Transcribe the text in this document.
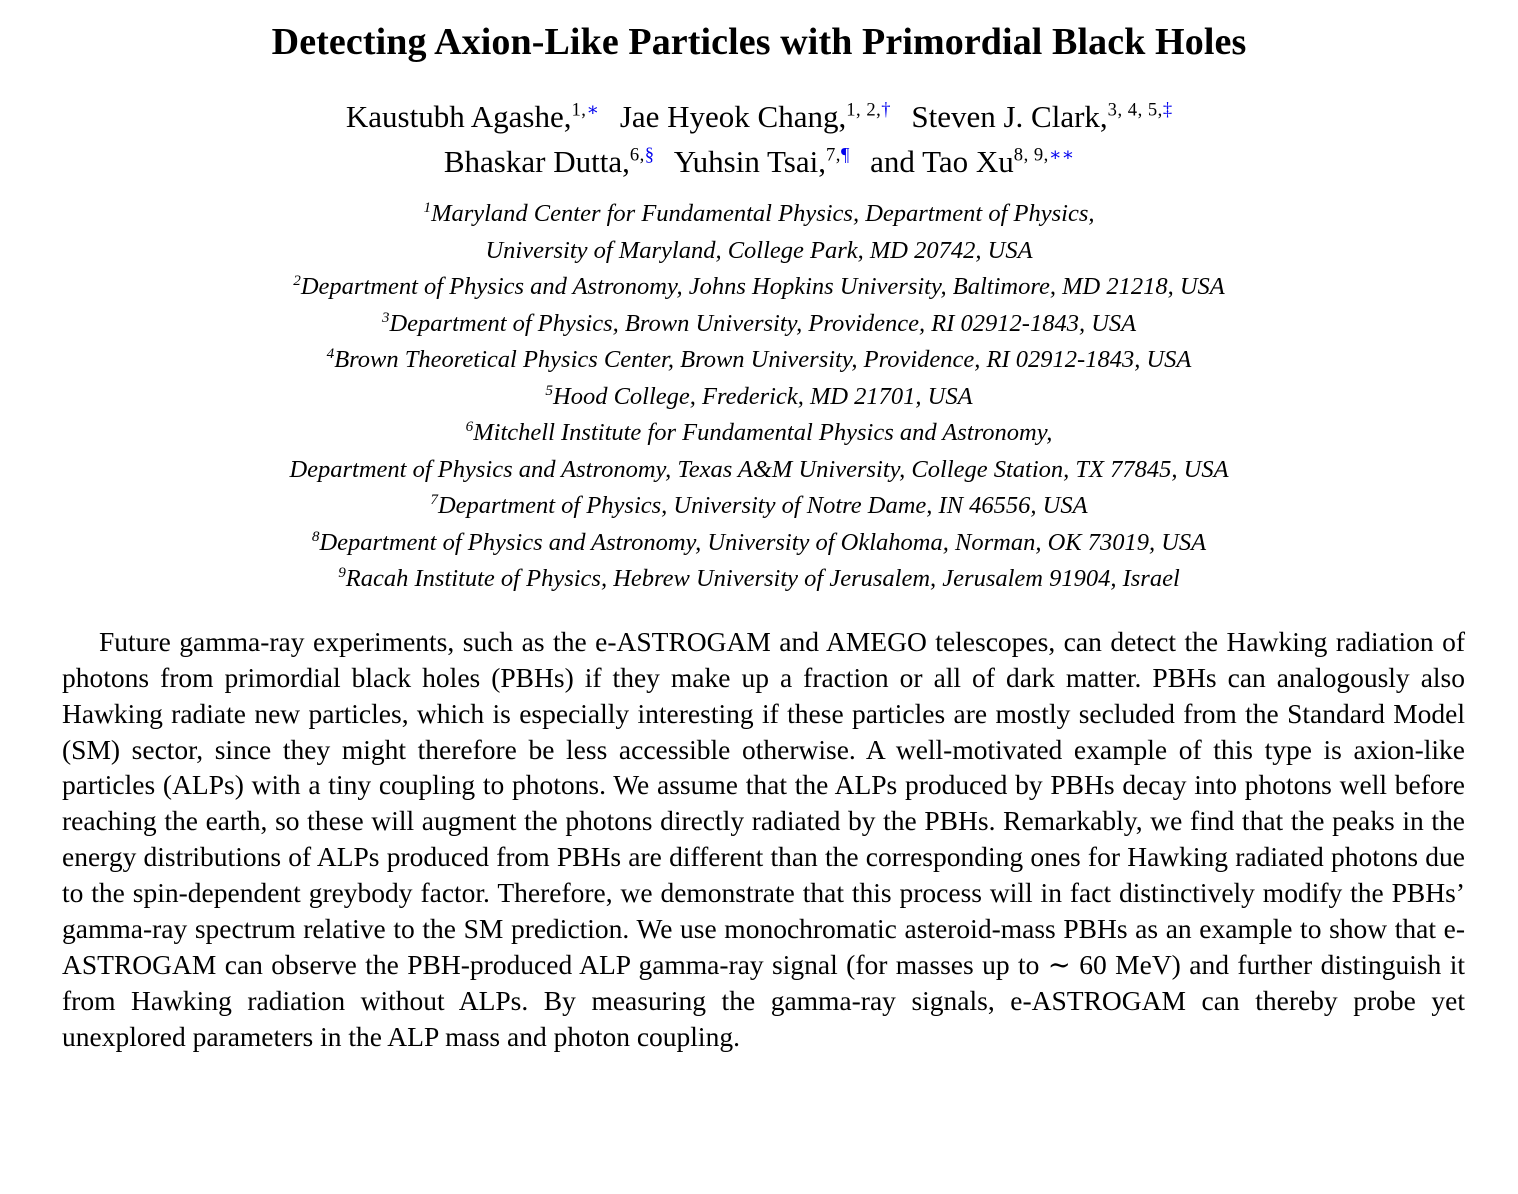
Detecting Axion-Like Particles with Primordial Black Holes
Kaustubh Agashe,$^{1,∗}$ Jae Hyeok Chang,$^{1, 2,\dagger}$ Steven J. Clark,$^{3, 4, 5,\ddagger}$
Bhaskar Dutta,$^{6,\S}$ Yuhsin Tsai,$^{7,\P}$ and Tao Xu$^{8, 9,∗∗}$
$^1$Maryland Center for Fundamental Physics, Department of Physics,
University of Maryland, College Park, MD 20742, USA
$^2$Department of Physics and Astronomy, Johns Hopkins University, Baltimore, MD 21218, USA
$^3$Department of Physics, Brown University, Providence, RI 02912-1843, USA
$^4$Brown Theoretical Physics Center, Brown University, Providence, RI 02912-1843, USA
$^5$Hood College, Frederick, MD 21701, USA
$^6$Mitchell Institute for Fundamental Physics and Astronomy,
Department of Physics and Astronomy, Texas A&M University, College Station, TX 77845, USA
$^7$Department of Physics, University of Notre Dame, IN 46556, USA
$^8$Department of Physics and Astronomy, University of Oklahoma, Norman, OK 73019, USA
$^9$Racah Institute of Physics, Hebrew University of Jerusalem, Jerusalem 91904, Israel

Future gamma-ray experiments, such as the e-ASTROGAM and AMEGO telescopes, can detect the Hawking radiation of photons from primordial black holes (PBHs) if they make up a fraction or all of dark matter. PBHs can analogously also Hawking radiate new particles, which is especially interesting if these particles are mostly secluded from the Standard Model (SM) sector, since they might therefore be less accessible otherwise. A well-motivated example of this type is axion-like particles (ALPs) with a tiny coupling to photons. We assume that the ALPs produced by PBHs decay into photons well before reaching the earth, so these will augment the photons directly radiated by the PBHs. Remarkably, we find that the peaks in the energy distributions of ALPs produced from PBHs are different than the corresponding ones for Hawking radiated photons due to the spin-dependent greybody factor. Therefore, we demonstrate that this process will in fact distinctively modify the PBHs’ gamma-ray spectrum relative to the SM prediction. We use monochromatic asteroid-mass PBHs as an example to show that e-ASTROGAM can observe the PBH-produced ALP gamma-ray signal (for masses up to ∼ 60 MeV) and further distinguish it from Hawking radiation without ALPs. By measuring the gamma-ray signals, e-ASTROGAM can thereby probe yet unexplored parameters in the ALP mass and photon coupling.
